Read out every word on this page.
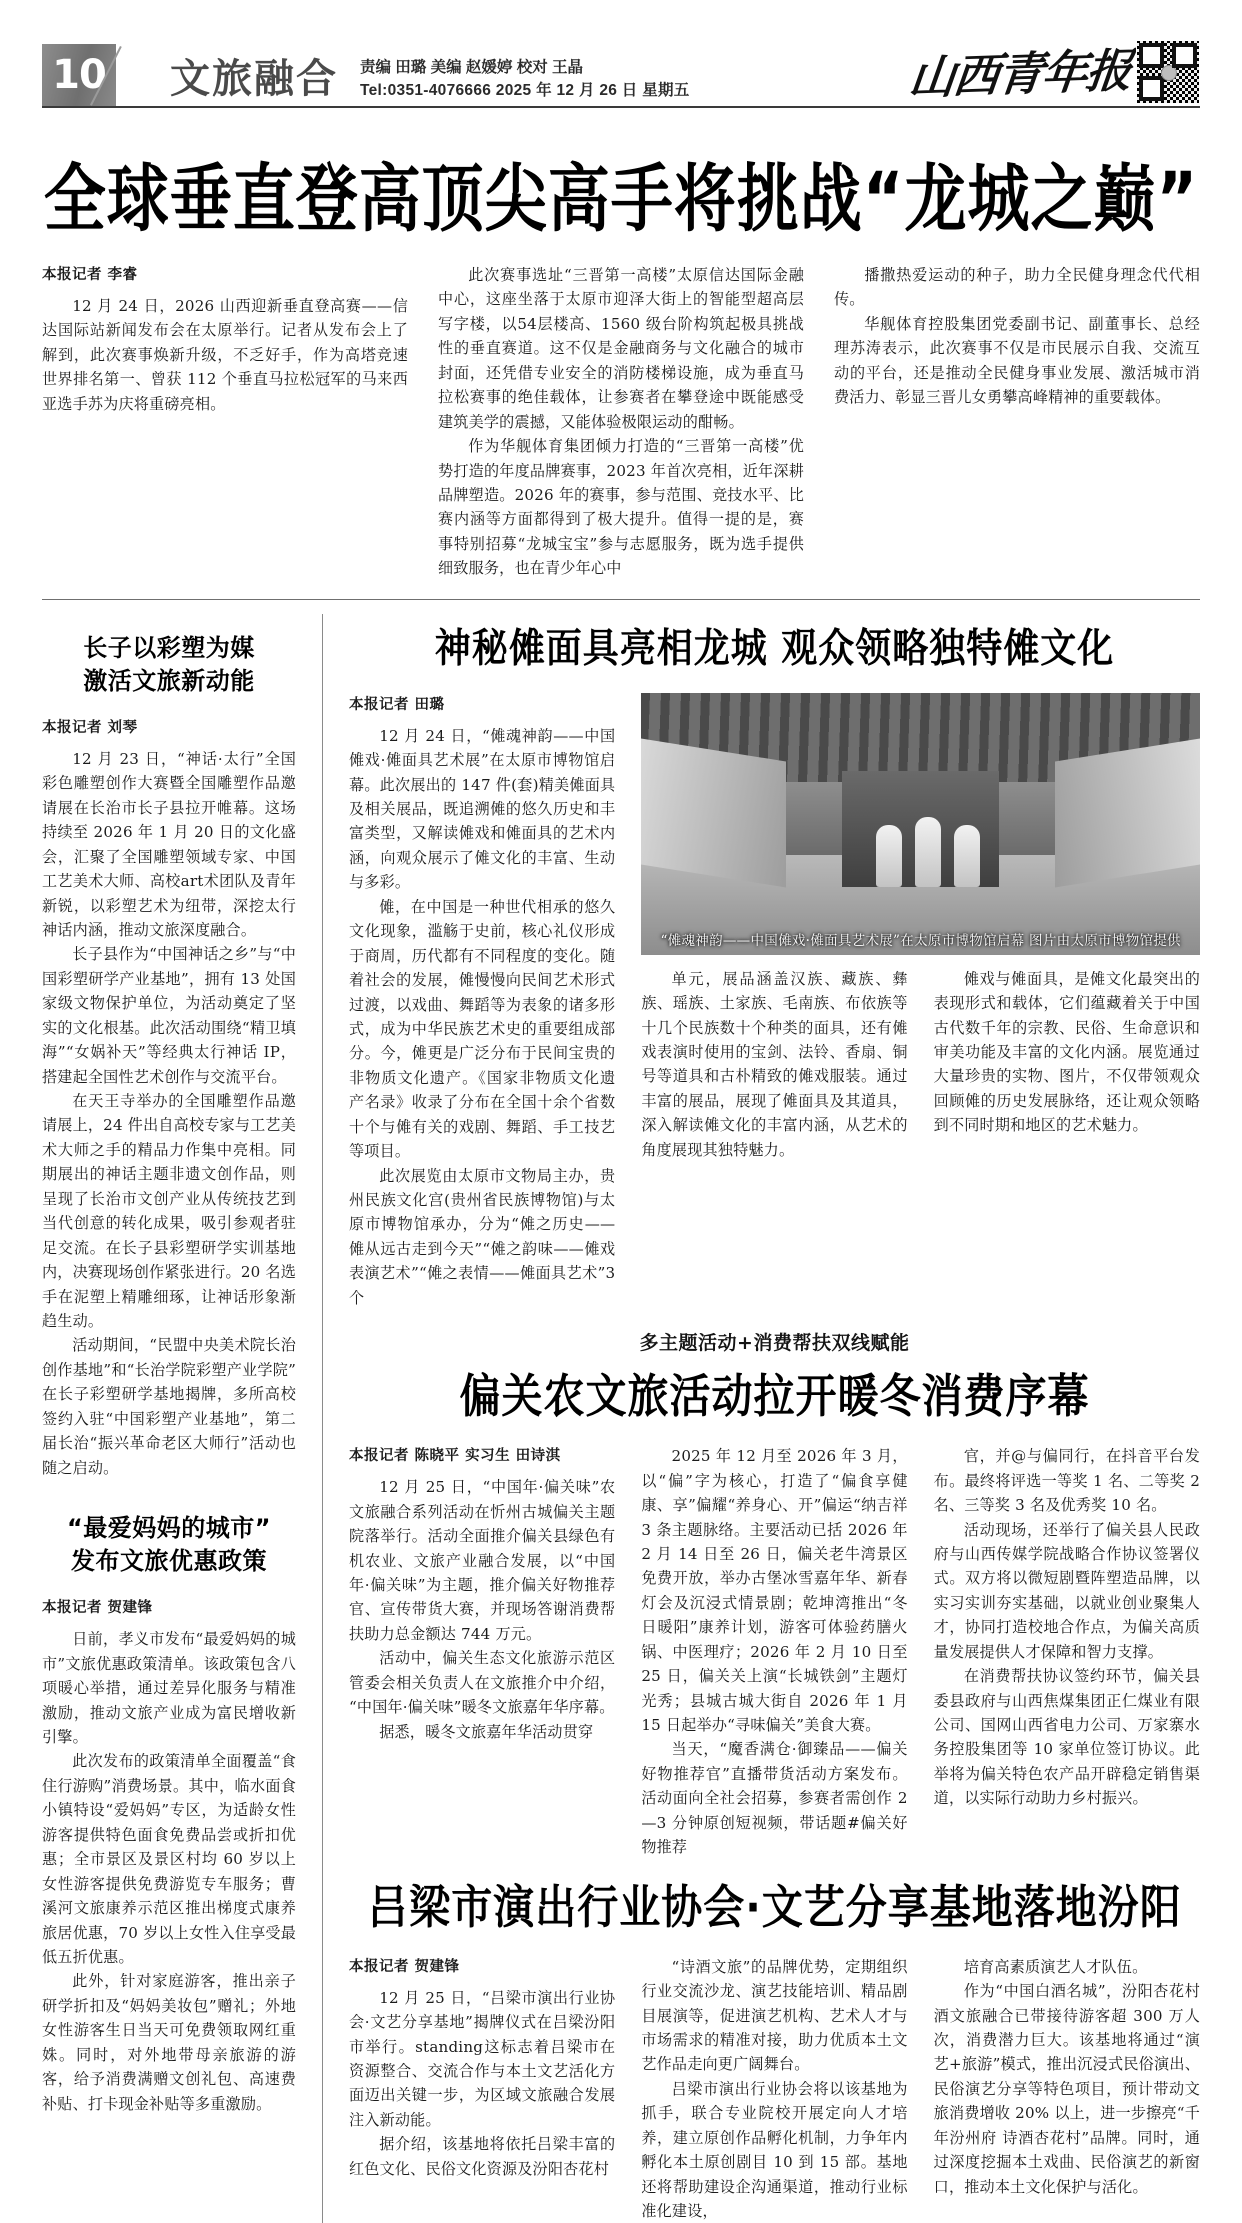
10 文旅融合 责编 田璐 美编 赵媛婷 校对 王晶
Tel:0351-4076666 2025 年 12 月 26 日 星期五	山西青年报
全球垂直登高顶尖高手将挑战“龙城之巅”
本报记者 李睿

12 月 24 日，2026 山西迎新垂直登高赛——信达国际站新闻发布会在太原举行。记者从发布会上了解到，此次赛事焕新升级，不乏好手，作为高塔竞速世界排名第一、曾获 112 个垂直马拉松冠军的马来西亚选手苏为庆将重磅亮相。

此次赛事选址“三晋第一高楼”太原信达国际金融中心，这座坐落于太原市迎泽大街上的智能型超高层写字楼，以54层楼高、1560 级台阶构筑起极具挑战性的垂直赛道。这不仅是金融商务与文化融合的城市封面，还凭借专业安全的消防楼梯设施，成为垂直马拉松赛事的绝佳载体，让参赛者在攀登途中既能感受建筑美学的震撼，又能体验极限运动的酣畅。

作为华舰体育集团倾力打造的“三晋第一高楼”优势打造的年度品牌赛事，2023 年首次亮相，近年深耕品牌塑造。2026 年的赛事，参与范围、竞技水平、比赛内涵等方面都得到了极大提升。值得一提的是，赛事特别招募“龙城宝宝”参与志愿服务，既为选手提供细致服务，也在青少年心中

播撒热爱运动的种子，助力全民健身理念代代相传。

华舰体育控股集团党委副书记、副董事长、总经理苏涛表示，此次赛事不仅是市民展示自我、交流互动的平台，还是推动全民健身事业发展、激活城市消费活力、彰显三晋儿女勇攀高峰精神的重要载体。

长子以彩塑为媒
激活文旅新动能
本报记者 刘琴

12 月 23 日，“神话·太行”全国彩色雕塑创作大赛暨全国雕塑作品邀请展在长治市长子县拉开帷幕。这场持续至 2026 年 1 月 20 日的文化盛会，汇聚了全国雕塑领域专家、中国工艺美术大师、高校art术团队及青年新锐，以彩塑艺术为纽带，深挖太行神话内涵，推动文旅深度融合。

长子县作为“中国神话之乡”与“中国彩塑研学产业基地”，拥有 13 处国家级文物保护单位，为活动奠定了坚实的文化根基。此次活动围绕“精卫填海”“女娲补天”等经典太行神话 IP，搭建起全国性艺术创作与交流平台。

在天王寺举办的全国雕塑作品邀请展上，24 件出自高校专家与工艺美术大师之手的精品力作集中亮相。同期展出的神话主题非遗文创作品，则呈现了长治市文创产业从传统技艺到当代创意的转化成果，吸引参观者驻足交流。在长子县彩塑研学实训基地内，决赛现场创作紧张进行。20 名选手在泥塑上精雕细琢，让神话形象渐趋生动。

活动期间，“民盟中央美术院长治创作基地”和“长治学院彩塑产业学院”在长子彩塑研学基地揭牌，多所高校签约入驻“中国彩塑产业基地”，第二届长治“振兴革命老区大师行”活动也随之启动。

“最爱妈妈的城市”
发布文旅优惠政策
本报记者 贺建锋

日前，孝义市发布“最爱妈妈的城市”文旅优惠政策清单。该政策包含八项暖心举措，通过差异化服务与精准激励，推动文旅产业成为富民增收新引擎。

此次发布的政策清单全面覆盖“食住行游购”消费场景。其中，临水面食小镇特设“爱妈妈”专区，为适龄女性游客提供特色面食免费品尝或折扣优惠；全市景区及景区村均 60 岁以上女性游客提供免费游览专车服务；曹溪河文旅康养示范区推出梯度式康养旅居优惠，70 岁以上女性入住享受最低五折优惠。

此外，针对家庭游客，推出亲子研学折扣及“妈妈美妆包”赠礼；外地女性游客生日当天可免费领取网红重姝。同时，对外地带母亲旅游的游客，给予消费满赠文创礼包、高速费补贴、打卡现金补贴等多重激励。

神秘傩面具亮相龙城 观众领略独特傩文化
本报记者 田璐

12 月 24 日，“傩魂神韵——中国傩戏·傩面具艺术展”在太原市博物馆启幕。此次展出的 147 件(套)精美傩面具及相关展品，既追溯傩的悠久历史和丰富类型，又解读傩戏和傩面具的艺术内涵，向观众展示了傩文化的丰富、生动与多彩。

傩，在中国是一种世代相承的悠久文化现象，滥觞于史前，核心礼仪形成于商周，历代都有不同程度的变化。随着社会的发展，傩慢慢向民间艺术形式过渡，以戏曲、舞蹈等为表象的诸多形式，成为中华民族艺术史的重要组成部分。今，傩更是广泛分布于民间宝贵的非物质文化遗产。《国家非物质文化遗产名录》收录了分布在全国十余个省数十个与傩有关的戏剧、舞蹈、手工技艺等项目。

此次展览由太原市文物局主办，贵州民族文化宫(贵州省民族博物馆)与太原市博物馆承办，分为“傩之历史——傩从远古走到今天”“傩之韵味——傩戏表演艺术”“傩之表情——傩面具艺术”3 个

“傩魂神韵——中国傩戏·傩面具艺术展”在太原市博物馆启幕 图片由太原市博物馆提供

单元，展品涵盖汉族、藏族、彝族、瑶族、土家族、毛南族、布依族等十几个民族数十个种类的面具，还有傩戏表演时使用的宝剑、法铃、香扇、铜号等道具和古朴精致的傩戏服装。通过丰富的展品，展现了傩面具及其道具，深入解读傩文化的丰富内涵，从艺术的角度展现其独特魅力。

傩戏与傩面具，是傩文化最突出的表现形式和载体，它们蕴藏着关于中国古代数千年的宗教、民俗、生命意识和审美功能及丰富的文化内涵。展览通过大量珍贵的实物、图片，不仅带领观众回顾傩的历史发展脉络，还让观众领略到不同时期和地区的艺术魅力。

多主题活动+消费帮扶双线赋能
偏关农文旅活动拉开暖冬消费序幕
本报记者 陈晓平 实习生 田诗淇

12 月 25 日，“中国年·偏关味”农文旅融合系列活动在忻州古城偏关主题院落举行。活动全面推介偏关县绿色有机农业、文旅产业融合发展，以“中国年·偏关味”为主题，推介偏关好物推荐官、宣传带货大赛，并现场答谢消费帮扶助力总金额达 744 万元。

活动中，偏关生态文化旅游示范区管委会相关负责人在文旅推介中介绍，“中国年·偏关味”暖冬文旅嘉年华序幕。

据悉，暖冬文旅嘉年华活动贯穿

2025 年 12 月至 2026 年 3 月，以“偏”字为核心，打造了“偏食享健康、享”偏耀“养身心、开”偏运“纳吉祥 3 条主题脉络。主要活动已括 2026 年 2 月 14 日至 26 日，偏关老牛湾景区免费开放，举办古堡冰雪嘉年华、新春灯会及沉浸式情景剧；乾坤湾推出“冬日暖阳”康养计划，游客可体验药膳火锅、中医理疗；2026 年 2 月 10 日至 25 日，偏关关上演“长城铁剑”主题灯光秀；县城古城大街自 2026 年 1 月 15 日起举办“寻味偏关”美食大赛。

当天，“魔香满仓·御臻品——偏关好物推荐官”直播带货活动方案发布。活动面向全社会招募，参赛者需创作 2—3 分钟原创短视频，带话题#偏关好物推荐

官，并@与偏同行，在抖音平台发布。最终将评选一等奖 1 名、二等奖 2 名、三等奖 3 名及优秀奖 10 名。

活动现场，还举行了偏关县人民政府与山西传媒学院战略合作协议签署仪式。双方将以微短剧暨阵塑造品牌，以实习实训夯实基础，以就业创业聚集人才，协同打造校地合作点，为偏关高质量发展提供人才保障和智力支撑。

在消费帮扶协议签约环节，偏关县委县政府与山西焦煤集团正仁煤业有限公司、国网山西省电力公司、万家寨水务控股集团等 10 家单位签订协议。此举将为偏关特色农产品开辟稳定销售渠道，以实际行动助力乡村振兴。

吕梁市演出行业协会·文艺分享基地落地汾阳
本报记者 贺建锋

12 月 25 日，“吕梁市演出行业协会·文艺分享基地”揭牌仪式在吕梁汾阳市举行。standing这标志着吕梁市在资源整合、交流合作与本土文艺活化方面迈出关键一步，为区域文旅融合发展注入新动能。

据介绍，该基地将依托吕梁丰富的红色文化、民俗文化资源及汾阳杏花村

“诗酒文旅”的品牌优势，定期组织行业交流沙龙、演艺技能培训、精品剧目展演等，促进演艺机构、艺术人才与市场需求的精准对接，助力优质本土文艺作品走向更广阔舞台。

吕梁市演出行业协会将以该基地为抓手，联合专业院校开展定向人才培养，建立原创作品孵化机制，力争年内孵化本土原创剧目 10 到 15 部。基地还将帮助建设企沟通渠道，推动行业标准化建设，

培育高素质演艺人才队伍。

作为“中国白酒名城”，汾阳杏花村酒文旅融合已带接待游客超 300 万人次，消费潜力巨大。该基地将通过“演艺+旅游”模式，推出沉浸式民俗演出、民俗演艺分享等特色项目，预计带动文旅消费增收 20% 以上，进一步擦亮“千年汾州府 诗酒杏花村”品牌。同时，通过深度挖掘本土戏曲、民俗演艺的新窗口，推动本土文化保护与活化。
